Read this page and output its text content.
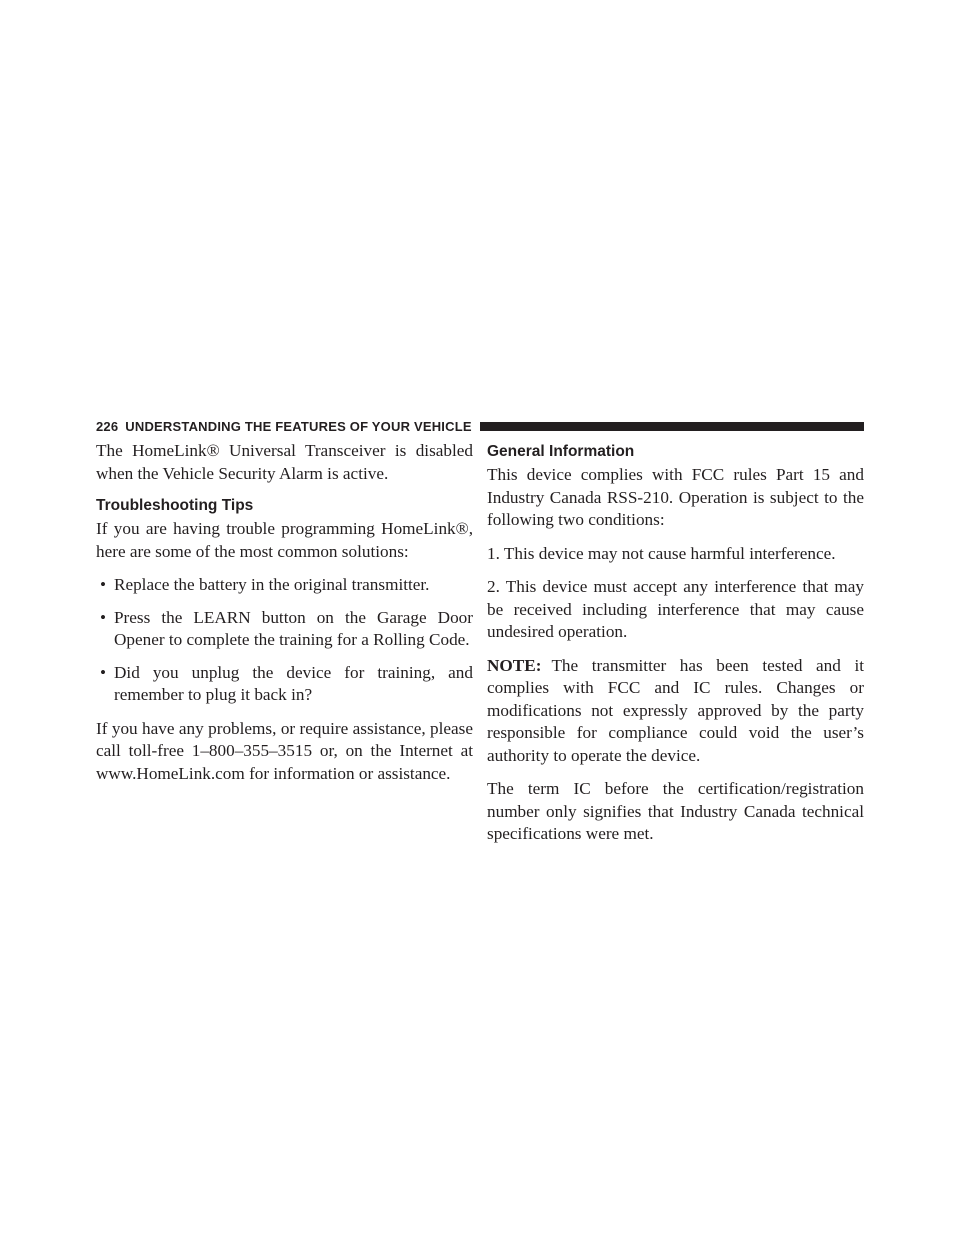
226 UNDERSTANDING THE FEATURES OF YOUR VEHICLE

The HomeLink® Universal Transceiver is disabled when the Vehicle Security Alarm is active.

Troubleshooting Tips

If you are having trouble programming HomeLink®, here are some of the most common solutions:

• Replace the battery in the original transmitter.
• Press the LEARN button on the Garage Door Opener to complete the training for a Rolling Code.
• Did you unplug the device for training, and remember to plug it back in?

If you have any problems, or require assistance, please call toll-free 1–800–355–3515 or, on the Internet at www.HomeLink.com for information or assistance.

General Information

This device complies with FCC rules Part 15 and Industry Canada RSS-210. Operation is subject to the following two conditions:

1. This device may not cause harmful interference.

2. This device must accept any interference that may be received including interference that may cause undesired operation.

NOTE: The transmitter has been tested and it complies with FCC and IC rules. Changes or modifications not expressly approved by the party responsible for compliance could void the user’s authority to operate the device.

The term IC before the certification/registration number only signifies that Industry Canada technical specifications were met.
